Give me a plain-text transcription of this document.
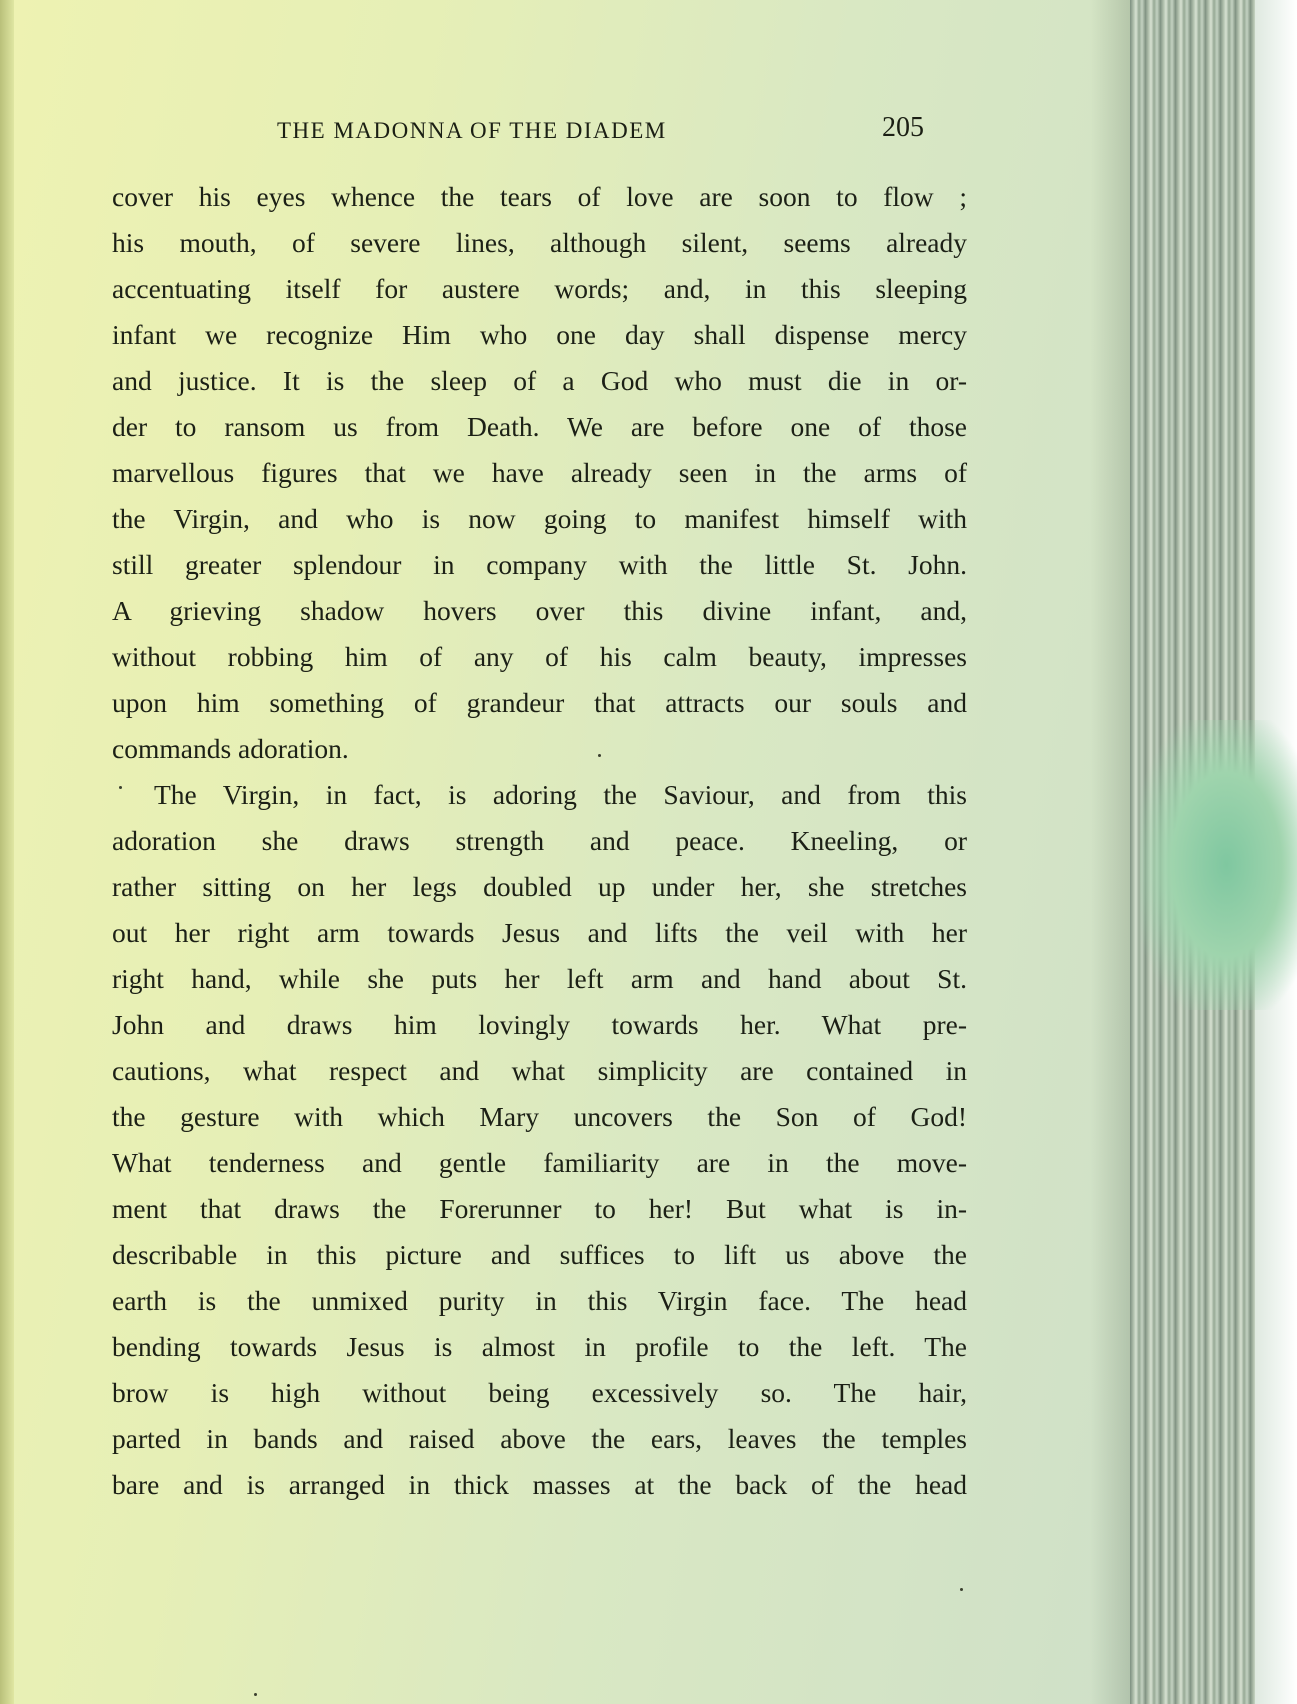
THE MADONNA OF THE DIADEM	205
cover his eyes whence the tears of love are soon to flow ;
his mouth, of severe lines, although silent, seems already
accentuating itself for austere words; and, in this sleeping
infant we recognize Him who one day shall dispense mercy
and justice. It is the sleep of a God who must die in or-
der to ransom us from Death. We are before one of those
marvellous figures that we have already seen in the arms of
the Virgin, and who is now going to manifest himself with
still greater splendour in company with the little St. John.
A grieving shadow hovers over this divine infant, and,
without robbing him of any of his calm beauty, impresses
upon him something of grandeur that attracts our souls and
commands adoration.
The Virgin, in fact, is adoring the Saviour, and from this
adoration she draws strength and peace. Kneeling, or
rather sitting on her legs doubled up under her, she stretches
out her right arm towards Jesus and lifts the veil with her
right hand, while she puts her left arm and hand about St.
John and draws him lovingly towards her. What pre-
cautions, what respect and what simplicity are contained in
the gesture with which Mary uncovers the Son of God!
What tenderness and gentle familiarity are in the move-
ment that draws the Forerunner to her! But what is in-
describable in this picture and suffices to lift us above the
earth is the unmixed purity in this Virgin face. The head
bending towards Jesus is almost in profile to the left. The
brow is high without being excessively so. The hair,
parted in bands and raised above the ears, leaves the temples
bare and is arranged in thick masses at the back of the head
